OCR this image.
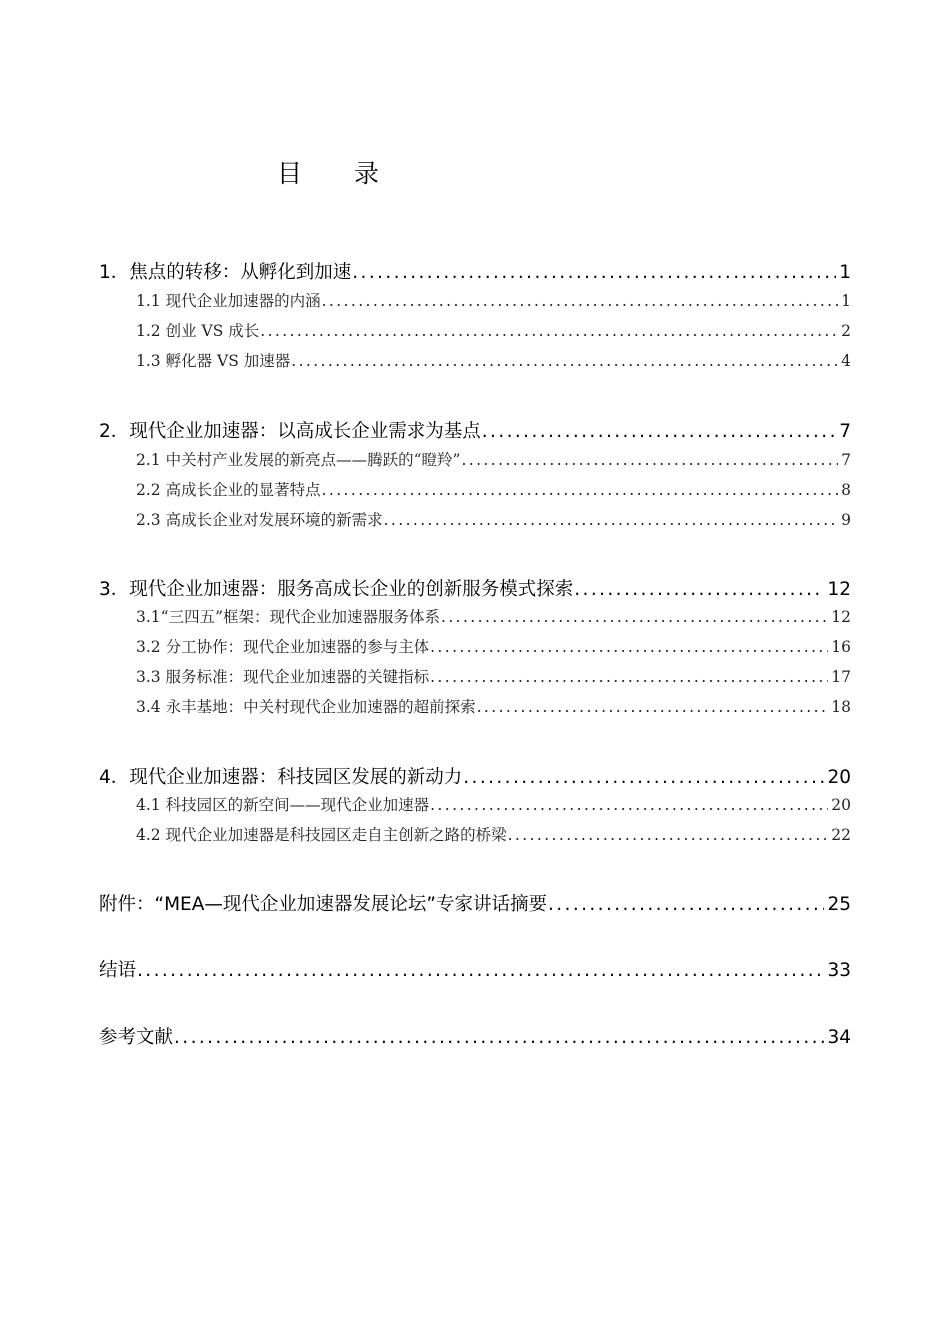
目 录
1．焦点的转移：从孵化到加速 .....	1
1.1 现代企业加速器的内涵 .....	1
1.2 创业 VS 成长 .....	2
1.3 孵化器 VS 加速器 .....	4
2．现代企业加速器：以高成长企业需求为基点 .....	7
2.1 中关村产业发展的新亮点——腾跃的“瞪羚” .....	7
2.2 高成长企业的显著特点 .....	8
2.3 高成长企业对发展环境的新需求 .....	9
3．现代企业加速器：服务高成长企业的创新服务模式探索 .....	12
3.1“三四五”框架：现代企业加速器服务体系 .....	12
3.2 分工协作：现代企业加速器的参与主体 .....	16
3.3 服务标准：现代企业加速器的关键指标 .....	17
3.4 永丰基地：中关村现代企业加速器的超前探索 .....	18
4．现代企业加速器：科技园区发展的新动力 .....	20
4.1 科技园区的新空间——现代企业加速器 .....	20
4.2 现代企业加速器是科技园区走自主创新之路的桥梁 .....	22
附件：“MEA—现代企业加速器发展论坛”专家讲话摘要 .....	25
结语 .....	33
参考文献 .....	34
